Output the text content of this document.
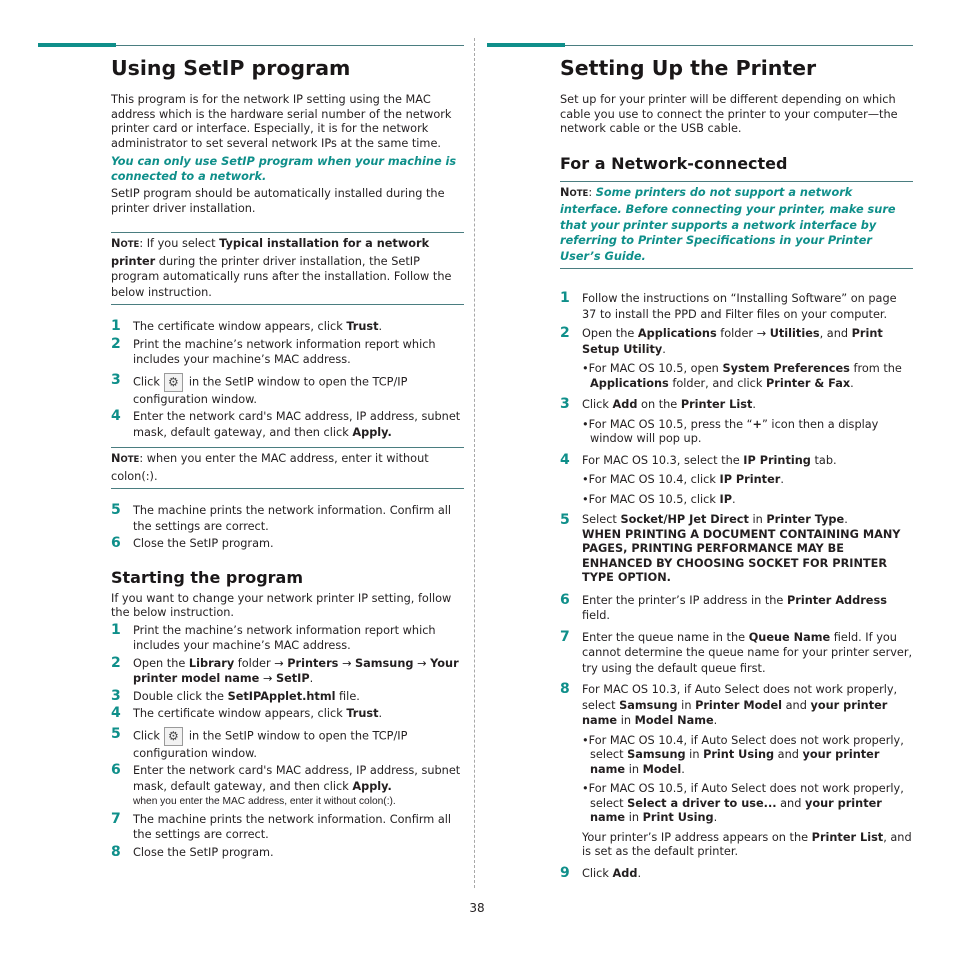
Using SetIP program

This program is for the network IP setting using the MAC address which is the hardware serial number of the network printer card or interface. Especially, it is for the network administrator to set several network IPs at the same time.

You can only use SetIP program when your machine is connected to a network.

SetIP program should be automatically installed during the printer driver installation.

NOTE: If you select Typical installation for a network printer during the printer driver installation, the SetIP program automatically runs after the installation. Follow the below instruction.

1 The certificate window appears, click Trust.

2 Print the machine’s network information report which includes your machine’s MAC address.

3 Click ⚙ in the SetIP window to open the TCP/IP configuration window.

4 Enter the network card's MAC address, IP address, subnet mask, default gateway, and then click Apply.

NOTE: when you enter the MAC address, enter it without colon(:).

5 The machine prints the network information. Confirm all the settings are correct.

6 Close the SetIP program.

Starting the program

If you want to change your network printer IP setting, follow the below instruction.

1 Print the machine’s network information report which includes your machine’s MAC address.

2 Open the Library folder → Printers → Samsung → Your printer model name → SetIP.

3 Double click the SetIPApplet.html file.

4 The certificate window appears, click Trust.

5 Click ⚙ in the SetIP window to open the TCP/IP configuration window.

6 Enter the network card's MAC address, IP address, subnet mask, default gateway, and then click Apply.

when you enter the MAC address, enter it without colon(:).

7 The machine prints the network information. Confirm all the settings are correct.

8 Close the SetIP program.

Setting Up the Printer

Set up for your printer will be different depending on which cable you use to connect the printer to your computer—the network cable or the USB cable.

For a Network-connected

NOTE: Some printers do not support a network interface. Before connecting your printer, make sure that your printer supports a network interface by referring to Printer Specifications in your Printer User’s Guide.

1 Follow the instructions on “Installing Software” on page 37 to install the PPD and Filter files on your computer.

2 Open the Applications folder → Utilities, and Print Setup Utility.

•For MAC OS 10.5, open System Preferences from the Applications folder, and click Printer & Fax.

3 Click Add on the Printer List.

•For MAC OS 10.5, press the “+” icon then a display window will pop up.

4 For MAC OS 10.3, select the IP Printing tab.

•For MAC OS 10.4, click IP Printer.

•For MAC OS 10.5, click IP.

5 Select Socket/HP Jet Direct in Printer Type.

WHEN PRINTING A DOCUMENT CONTAINING MANY PAGES, PRINTING PERFORMANCE MAY BE ENHANCED BY CHOOSING SOCKET FOR PRINTER TYPE OPTION.

6 Enter the printer’s IP address in the Printer Address field.

7 Enter the queue name in the Queue Name field. If you cannot determine the queue name for your printer server, try using the default queue first.

8 For MAC OS 10.3, if Auto Select does not work properly, select Samsung in Printer Model and your printer name in Model Name.

•For MAC OS 10.4, if Auto Select does not work properly, select Samsung in Print Using and your printer name in Model.

•For MAC OS 10.5, if Auto Select does not work properly, select Select a driver to use... and your printer name in Print Using.

Your printer’s IP address appears on the Printer List, and is set as the default printer.

9 Click Add.

38
